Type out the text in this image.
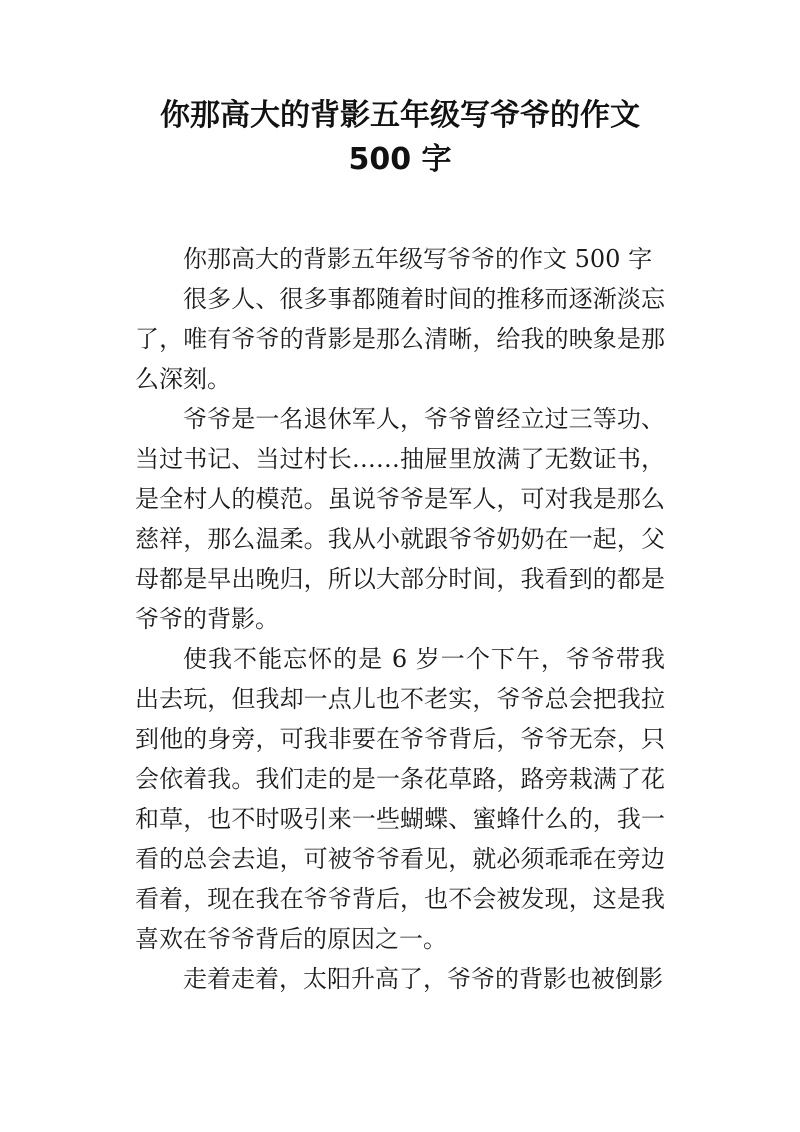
你那高大的背影五年级写爷爷的作文
500 字

你那高大的背影五年级写爷爷的作文 500 字

很多人、很多事都随着时间的推移而逐渐淡忘了，唯有爷爷的背影是那么清晰，给我的映象是那么深刻。

爷爷是一名退休军人，爷爷曾经立过三等功、当过书记、当过村长……抽屉里放满了无数证书，是全村人的模范。虽说爷爷是军人，可对我是那么慈祥，那么温柔。我从小就跟爷爷奶奶在一起，父母都是早出晚归，所以大部分时间，我看到的都是爷爷的背影。

使我不能忘怀的是 6 岁一个下午，爷爷带我出去玩，但我却一点儿也不老实，爷爷总会把我拉到他的身旁，可我非要在爷爷背后，爷爷无奈，只会依着我。我们走的是一条花草路，路旁栽满了花和草，也不时吸引来一些蝴蝶、蜜蜂什么的，我一看的总会去追，可被爷爷看见，就必须乖乖在旁边看着，现在我在爷爷背后，也不会被发现，这是我喜欢在爷爷背后的原因之一。

走着走着，太阳升高了，爷爷的背影也被倒影
